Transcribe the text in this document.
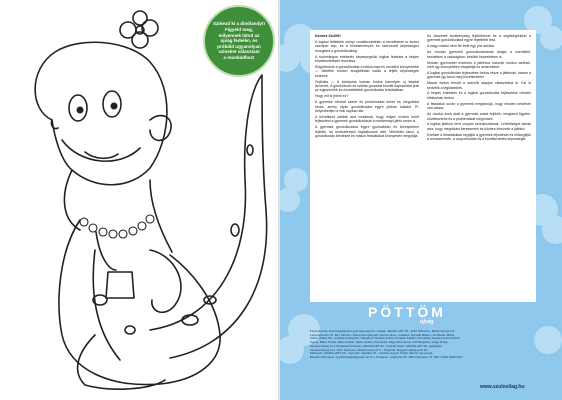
Színezd ki a dinólandyt!
Figyeld meg,
milyennek látod az
újság fedelén, és
próbáld ugyanolyan
színeket választani
a munkádhoz!

Kedves Szülők!

A logikai feltételek zömpi vonatkozástelan a nevelésben is fontos szerepet kap, és a követelményes és szervezett képességes mozgásra a gondolkodásig.

A tudományos értékelés képességsöki logikai feladata a helyes következtetések levonása.

Rögzítenénk a gondolkodást a hétköznapi és nevelési környezetbe — többféle módon elsajátítható tudás a fejlett képességek körének.

Fejlődés — A kisiskolás korban fontos bármilyen új feladat ismerete. A gondolkodó és sziklás gondolat közötti kapcsolatot jelzi az egyszerűbb és összetettebb gondolkodás feladatában.

Hogy mit is jelent ez?

A gyermek célokat szeret és problémákat keres és megoldást keres, amely olyan gondolkodást egyre jobban kialakít. Pl. helyezkedjen a mai napban stb.

A következő példák arra mutatnak, hogy milyen módon lehet fejleszteni a gyermek gondolkodását a mindennapi játék során is.

A gyermek gondolkodása egyre gyorsabban és könnyebben fejlődik, ha rendszeresen foglalkozunk vele. Miközben tanul, a gondolkodás kérdéseit és mások feladatokat könnyedén megoldja.

Az összetett tevékenység fejlődésével és a segítségünkkel a gyermek gondolkodása egyre fejlettebb lesz.

A nagy mackó nem fér bele egy pici autóba.

Az óvodás gyermek gondolkodásának alapja a szemlélet, kezdetben a valóságban, később képzeletben is.

Minden gyermeket érdemes a játékhoz hasonló módon tanítani, mert így könnyebben elsajátítja az ismereteket.

A logikai gondolkodás fejlesztése fontos része a játéknak, hiszen a gyermek így tanul meg következtetni.

Mások fontos témáit a szerzők alapján választottuk ki. Ezt is kedvelik a legkisebbek.

A helyes értékelés és a logikai gondolkodás fejlesztése minden életkorban fontos.

A feladatok során a gyermek megtanulja, hogy minden kérdésre van válasz.

Az óvodai évek alatt a gyermek sokat fejlődik: megtanul figyelni, következtetni és a problémákat megoldani.

A logikai játékok nem csupán szórakoztatnak. Lehetőséget adnak arra, hogy megoldást keressenek és közben élvezzék a játékot.

Ezekkel a feladatokkal segítjük a gyermek fejlődését és elősegítjük a rendszerezés, a csoportosítás és a következtetés képességét.

PÖTTÖM
újság

Főszerkesztő, képességfejlesztő gyermekmagazin • Kiadja: GRAPH-ART Kft., 4027 Debrecen, Böszörményi út 5.

Lapszerkesztő: Dr. Bíró Kálmán • Művészeti igazgató: Kardos Ákos • Grafikus: Horváth Miklós • Fordította: Márta

Kiadó: Stúdió Kft. • Felelős szerkesztő: Gáspárné Kerekes Szilvia, Kerekes Katalin, Kiss Erika, Kerekes Anna Szilárd

Ágnes, Bálint Tamás, Birkó Katalin, Gábor Zoltán, Kiss Erika, Nagy Zsuzsanna, Tóth Boglárka, Varga Ibolya

Szerkesztőség és a hirdetések felvétele: GRAPH-ART Kft. • Felelős kiadó: GRAPH-ART Kft. igazgatója

Szerkesztőségi cím: 4027 Debrecen, Böszörményi út 5. • Terjesztő: Magyar Lapterjesztő Zrt.

Előfizetés: GRAPH-ART Kft. • Nyomás: Kapitális Kft. • Felelős vezető: Szabó Sándor ügyvezető.

Bővebb információ: ügyfélszolgálat@graph-art.hu • Postacím: Graph-Art Kft. 4001 Debrecen, Pf. 583 • ISSN 2063-0547

www.szulovilag.hu
